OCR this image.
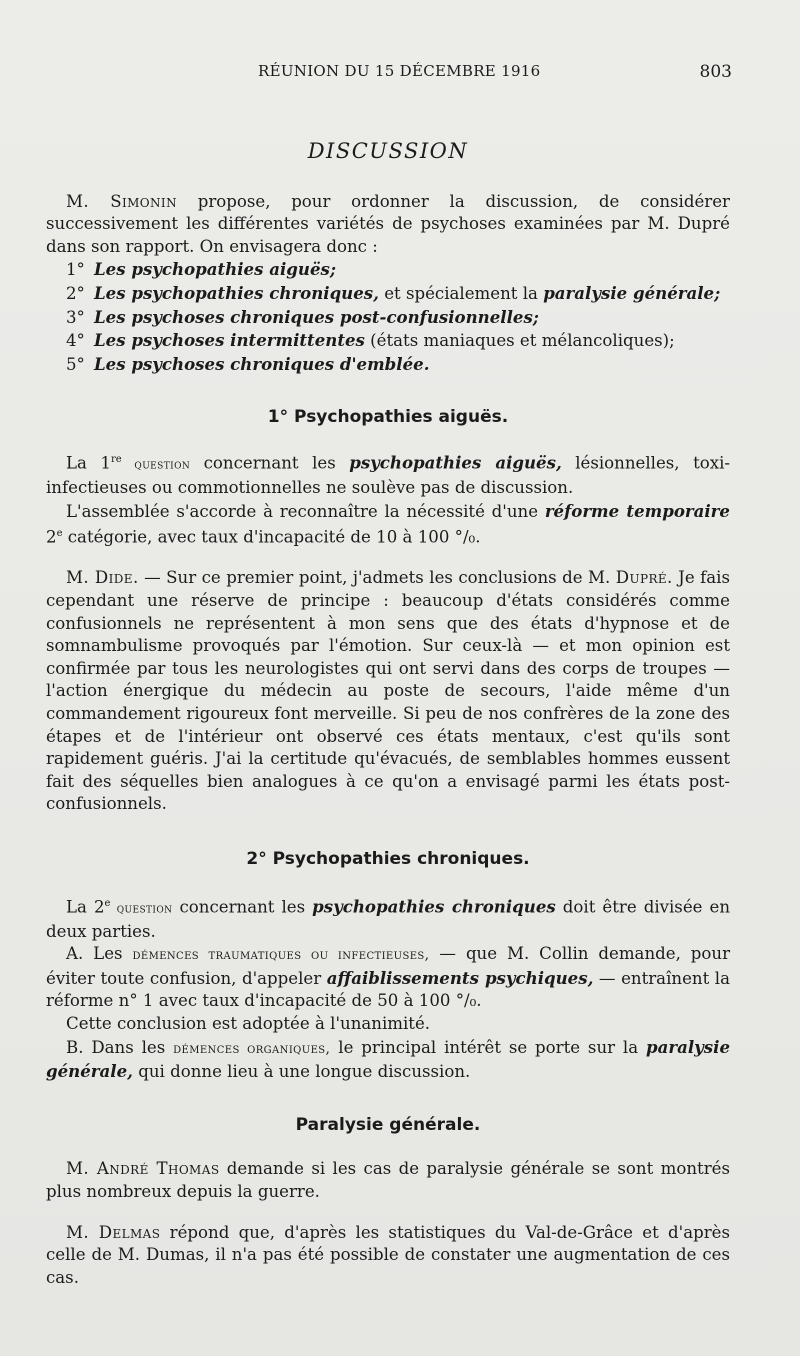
RÉUNION DU 15 DÉCEMBRE 1916	803
DISCUSSION

M. Simonin propose, pour ordonner la discussion, de considérer successivement les différentes variétés de psychoses examinées par M. Dupré dans son rapport. On envisagera donc :

1° Les psychopathies aiguës;

2° Les psychopathies chroniques, et spécialement la paralysie générale;

3° Les psychoses chroniques post-confusionnelles;

4° Les psychoses intermittentes (états maniaques et mélancoliques);

5° Les psychoses chroniques d'emblée.

1° Psychopathies aiguës.

La 1re question concernant les psychopathies aiguës, lésionnelles, toxi-infectieuses ou commotionnelles ne soulève pas de discussion.

L'assemblée s'accorde à reconnaître la nécessité d'une réforme temporaire 2e catégorie, avec taux d'incapacité de 10 à 100 °/₀.

M. Dide. — Sur ce premier point, j'admets les conclusions de M. Dupré. Je fais cependant une réserve de principe : beaucoup d'états considérés comme confusionnels ne représentent à mon sens que des états d'hypnose et de somnambulisme provoqués par l'émotion. Sur ceux-là — et mon opinion est confirmée par tous les neurologistes qui ont servi dans des corps de troupes — l'action énergique du médecin au poste de secours, l'aide même d'un commandement rigoureux font merveille. Si peu de nos confrères de la zone des étapes et de l'intérieur ont observé ces états mentaux, c'est qu'ils sont rapidement guéris. J'ai la certitude qu'évacués, de semblables hommes eussent fait des séquelles bien analogues à ce qu'on a envisagé parmi les états post-confusionnels.

2° Psychopathies chroniques.

La 2e question concernant les psychopathies chroniques doit être divisée en deux parties.

A. Les démences traumatiques ou infectieuses, — que M. Collin demande, pour éviter toute confusion, d'appeler affaiblissements psychiques, — entraînent la réforme n° 1 avec taux d'incapacité de 50 à 100 °/₀.

Cette conclusion est adoptée à l'unanimité.

B. Dans les démences organiques, le principal intérêt se porte sur la paralysie générale, qui donne lieu à une longue discussion.

Paralysie générale.

M. André Thomas demande si les cas de paralysie générale se sont montrés plus nombreux depuis la guerre.

M. Delmas répond que, d'après les statistiques du Val-de-Grâce et d'après celle de M. Dumas, il n'a pas été possible de constater une augmentation de ces cas.
